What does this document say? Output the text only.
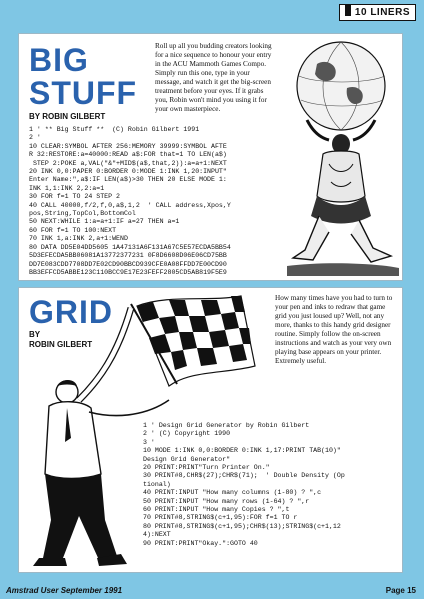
10 LINERS
BIG
STUFF
BY ROBIN GILBERT

Roll up all you budding creators looking for a nice sequence to honour your entry in the ACU Mammoth Games Compo. Simply run this one, type in your message, and watch it get the big-screen treatment before your eyes. If it grabs you, Robin won't mind you using it for your own masterpiece.

1 ' ** Big Stuff **  (C) Robin Gilbert 1991
2 '
10 CLEAR:SYMBOL AFTER 256:MEMORY 39999:SYMBOL AFTE
R 32:RESTORE:a=40000:READ a$:FOR that=1 TO LEN(a$)
STEP 2:POKE a,VAL("&"+MID$(a$,that,2)):a=a+1:NEXT
20 INK 0,0:PAPER 0:BORDER 0:MODE 1:INK 1,20:INPUT"
Enter Name:",a$:IF LEN(a$)>30 THEN 20 ELSE MODE 1:
INK 1,1:INK 2,2:a=1
30 FOR f=1 TO 24 STEP 2
40 CALL 40000,f/2,f,0,a$,1,2  ' CALL address,Xpos,Y
pos,String,TopCol,BottomCol
50 NEXT:WHILE 1:a=a+1:IF a=27 THEN a=1
60 FOR f=1 TO 100:NEXT
70 INK 1,a:INK 2,a+1:WEND
80 DATA DD5E04DD5605 1A47131A6F131A67C5E57ECDA5BB54
5D3EFECDA5BB06081A13772377231 0F8D6608D06E06CD75BB
DD7E083CDD7708DD7E02CD90BBCD939CFE0A08FFDD7E00CD90
BB3EFFCD5ABBE123C110BCC9E17E23FEFF2805CD5AB819F5E9
GRID
BY
ROBIN GILBERT

How many times have you had to turn to your pen and inks to redraw that game grid you just loused up? Well, not any more, thanks to this handy grid designer routine. Simply follow the on-screen instructions and watch as your very own playing base appears on your printer. Extremely useful.

1 ' Design Grid Generator by Robin Gilbert
2 ' (C) Copyright 1990
3 '
10 MODE 1:INK 0,0:BORDER 0:INK 1,17:PRINT TAB(10)"
Design Grid Generator"
20 PRINT:PRINT"Turn Printer On."
30 PRINT#8,CHR$(27);CHR$(71);  ' Double Density (Op
tional)
40 PRINT:INPUT "How many columns (1-80) ? ",c
50 PRINT:INPUT "How many rows (1-64) ? ",r
60 PRINT:INPUT "How many Copies ? ",t
70 PRINT#8,STRING$(c+1,95):FOR f=1 TO r
80 PRINT#8,STRING$(c+1,95);CHR$(13);STRING$(c+1,12
4):NEXT
90 PRINT:PRINT"Okay.":GOTO 40
Amstrad User September 1991	Page 15
